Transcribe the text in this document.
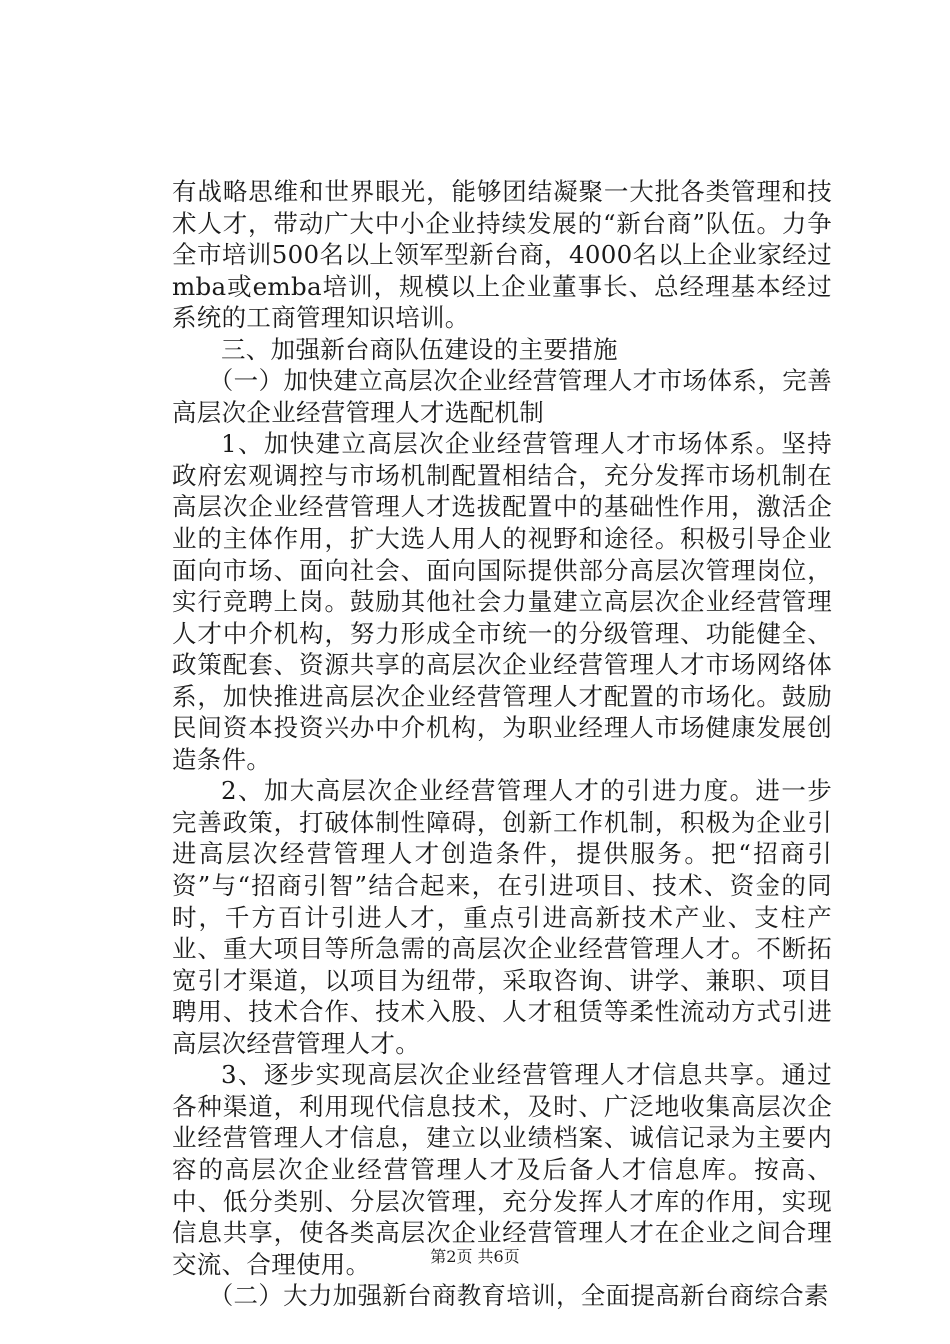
有战略思维和世界眼光，能够团结凝聚一大批各类管理和技术人才，带动广大中小企业持续发展的“新台商”队伍。力争全市培训500名以上领军型新台商，4000名以上企业家经过mba或emba培训，规模以上企业董事长、总经理基本经过系统的工商管理知识培训。

三、加强新台商队伍建设的主要措施

（一）加快建立高层次企业经营管理人才市场体系，完善高层次企业经营管理人才选配机制

1、加快建立高层次企业经营管理人才市场体系。坚持政府宏观调控与市场机制配置相结合，充分发挥市场机制在高层次企业经营管理人才选拔配置中的基础性作用，激活企业的主体作用，扩大选人用人的视野和途径。积极引导企业面向市场、面向社会、面向国际提供部分高层次管理岗位，实行竞聘上岗。鼓励其他社会力量建立高层次企业经营管理人才中介机构，努力形成全市统一的分级管理、功能健全、政策配套、资源共享的高层次企业经营管理人才市场网络体系，加快推进高层次企业经营管理人才配置的市场化。鼓励民间资本投资兴办中介机构，为职业经理人市场健康发展创造条件。

2、加大高层次企业经营管理人才的引进力度。进一步完善政策，打破体制性障碍，创新工作机制，积极为企业引进高层次经营管理人才创造条件，提供服务。把“招商引资”与“招商引智”结合起来，在引进项目、技术、资金的同时，千方百计引进人才，重点引进高新技术产业、支柱产业、重大项目等所急需的高层次企业经营管理人才。不断拓宽引才渠道，以项目为纽带，采取咨询、讲学、兼职、项目聘用、技术合作、技术入股、人才租赁等柔性流动方式引进高层次经营管理人才。

3、逐步实现高层次企业经营管理人才信息共享。通过各种渠道，利用现代信息技术，及时、广泛地收集高层次企业经营管理人才信息，建立以业绩档案、诚信记录为主要内容的高层次企业经营管理人才及后备人才信息库。按高、中、低分类别、分层次管理，充分发挥人才库的作用，实现信息共享，使各类高层次企业经营管理人才在企业之间合理交流、合理使用。

（二）大力加强新台商教育培训，全面提高新台商综合素

第2页 共6页
